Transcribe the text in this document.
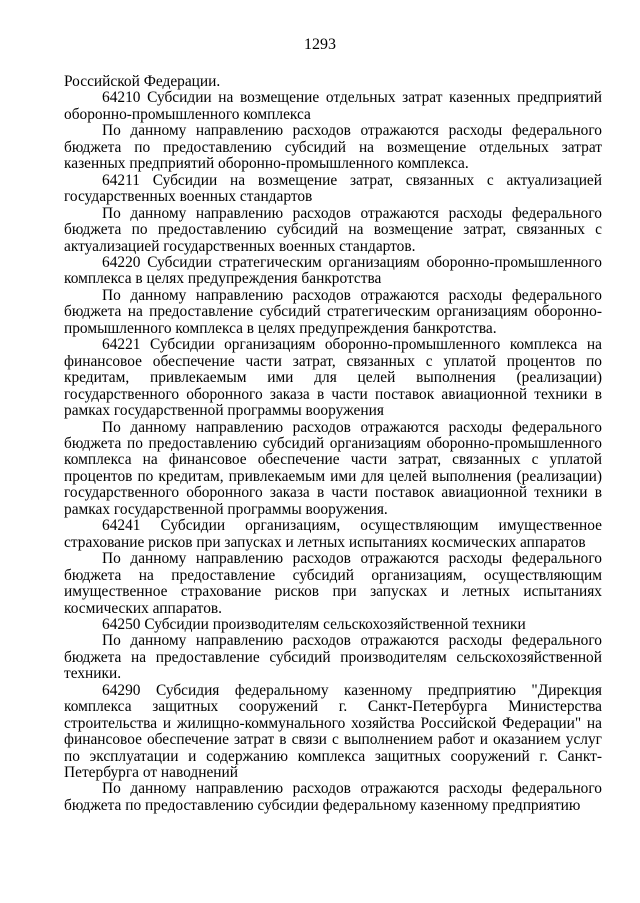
1293

Российской Федерации.

64210 Субсидии на возмещение отдельных затрат казенных предприятий оборонно-промышленного комплекса

По данному направлению расходов отражаются расходы федерального бюджета по предоставлению субсидий на возмещение отдельных затрат казенных предприятий оборонно-промышленного комплекса.

64211 Субсидии на возмещение затрат, связанных с актуализацией государственных военных стандартов

По данному направлению расходов отражаются расходы федерального бюджета по предоставлению субсидий на возмещение затрат, связанных с актуализацией государственных военных стандартов.

64220 Субсидии стратегическим организациям оборонно-промышленного комплекса в целях предупреждения банкротства

По данному направлению расходов отражаются расходы федерального бюджета на предоставление субсидий стратегическим организациям оборонно-промышленного комплекса в целях предупреждения банкротства.

64221 Субсидии организациям оборонно-промышленного комплекса на финансовое обеспечение части затрат, связанных с уплатой процентов по кредитам, привлекаемым ими для целей выполнения (реализации) государственного оборонного заказа в части поставок авиационной техники в рамках государственной программы вооружения

По данному направлению расходов отражаются расходы федерального бюджета по предоставлению субсидий организациям оборонно-промышленного комплекса на финансовое обеспечение части затрат, связанных с уплатой процентов по кредитам, привлекаемым ими для целей выполнения (реализации) государственного оборонного заказа в части поставок авиационной техники в рамках государственной программы вооружения.

64241 Субсидии организациям, осуществляющим имущественное страхование рисков при запусках и летных испытаниях космических аппаратов

По данному направлению расходов отражаются расходы федерального бюджета на предоставление субсидий организациям, осуществляющим имущественное страхование рисков при запусках и летных испытаниях космических аппаратов.

64250 Субсидии производителям сельскохозяйственной техники

По данному направлению расходов отражаются расходы федерального бюджета на предоставление субсидий производителям сельскохозяйственной техники.

64290 Субсидия федеральному казенному предприятию "Дирекция комплекса защитных сооружений г. Санкт-Петербурга Министерства строительства и жилищно-коммунального хозяйства Российской Федерации" на финансовое обеспечение затрат в связи с выполнением работ и оказанием услуг по эксплуатации и содержанию комплекса защитных сооружений г. Санкт-Петербурга от наводнений

По данному направлению расходов отражаются расходы федерального бюджета по предоставлению субсидии федеральному казенному предприятию
